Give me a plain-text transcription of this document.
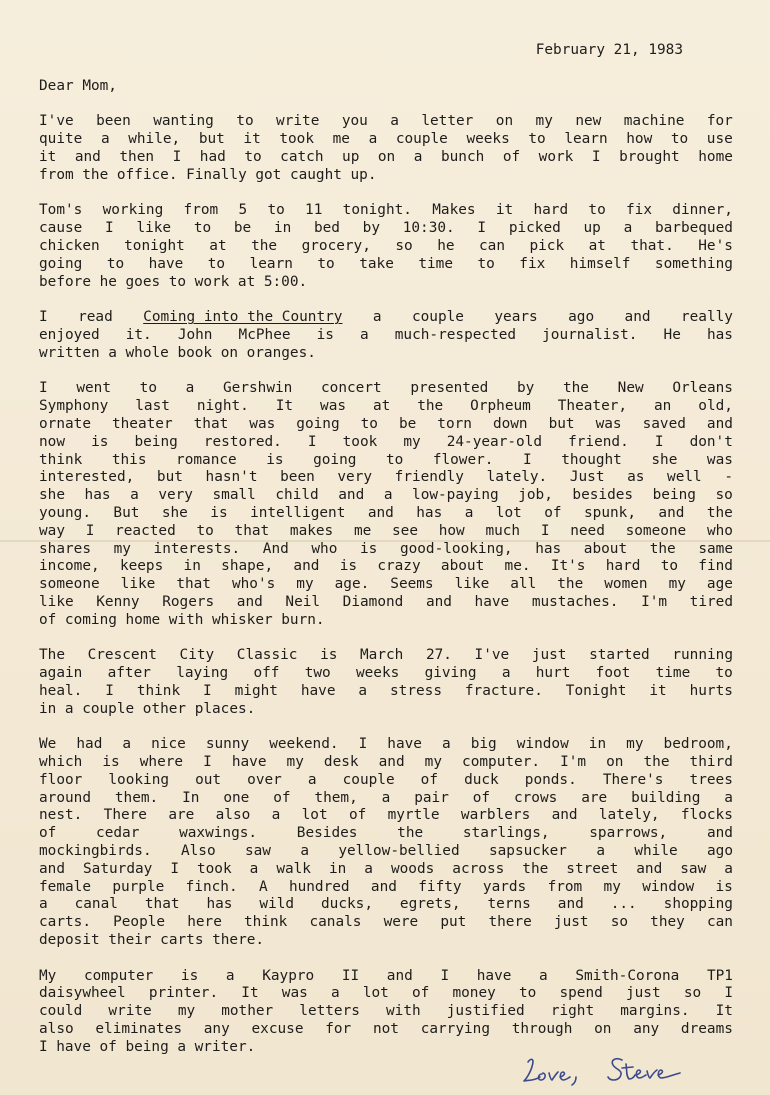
February 21, 1983
Dear Mom,
I've been wanting to write you a letter on my new machine for
quite a while, but it took me a couple weeks to learn how to use
it and then I had to catch up on a bunch of work I brought home
from the office. Finally got caught up.
Tom's working from 5 to 11 tonight. Makes it hard to fix dinner,
cause I like to be in bed by 10:30. I picked up a barbequed
chicken tonight at the grocery, so he can pick at that. He's
going to have to learn to take time to fix himself something
before he goes to work at 5:00.
I read Coming into the Country a couple years ago and really
enjoyed it. John McPhee is a much-respected journalist. He has
written a whole book on oranges.
I went to a Gershwin concert presented by the New Orleans
Symphony last night. It was at the Orpheum Theater, an old,
ornate theater that was going to be torn down but was saved and
now is being restored. I took my 24-year-old friend. I don't
think this romance is going to flower. I thought she was
interested, but hasn't been very friendly lately. Just as well -
she has a very small child and a low-paying job, besides being so
young. But she is intelligent and has a lot of spunk, and the
way I reacted to that makes me see how much I need someone who
shares my interests. And who is good-looking, has about the same
income, keeps in shape, and is crazy about me. It's hard to find
someone like that who's my age. Seems like all the women my age
like Kenny Rogers and Neil Diamond and have mustaches. I'm tired
of coming home with whisker burn.
The Crescent City Classic is March 27. I've just started running
again after laying off two weeks giving a hurt foot time to
heal. I think I might have a stress fracture. Tonight it hurts
in a couple other places.
We had a nice sunny weekend. I have a big window in my bedroom,
which is where I have my desk and my computer. I'm on the third
floor looking out over a couple of duck ponds. There's trees
around them. In one of them, a pair of crows are building a
nest. There are also a lot of myrtle warblers and lately, flocks
of	cedar	waxwings.	Besides	the	starlings,	sparrows,	and
mockingbirds. Also saw a yellow-bellied sapsucker a while ago
and Saturday I took a walk in a woods across the street and saw a
female purple finch. A hundred and fifty yards from my window is
a canal that has wild ducks, egrets, terns and ... shopping
carts. People here think canals were put there just so they can
deposit their carts there.
My computer is a Kaypro II and I have a Smith-Corona TP1
daisywheel printer. It was a lot of money to spend just so I
could write my mother letters with justified right margins. It
also eliminates any excuse for not carrying through on any dreams
I have of being a writer.
